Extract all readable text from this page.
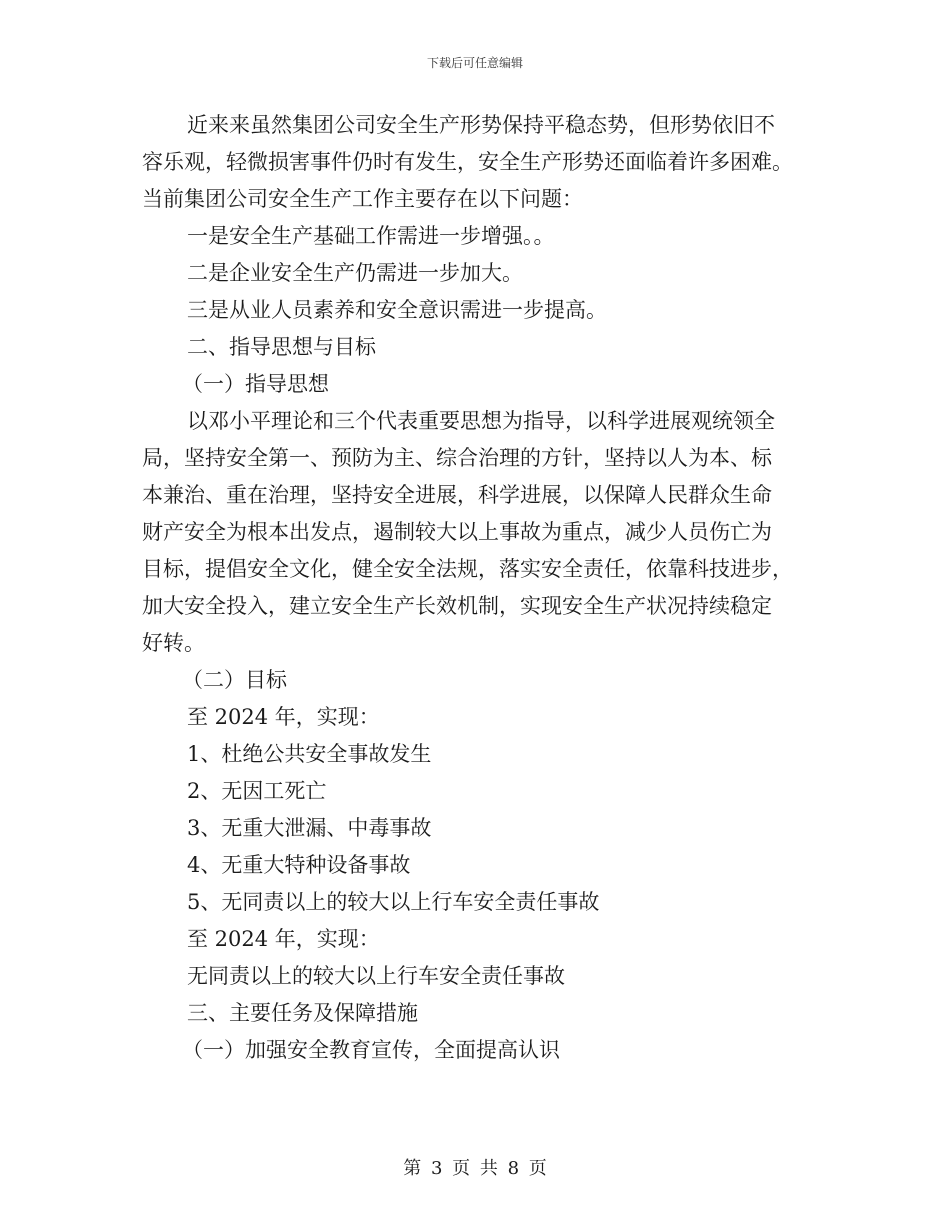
下载后可任意编辑
近来来虽然集团公司安全生产形势保持平稳态势，但形势依旧不
容乐观，轻微损害事件仍时有发生，安全生产形势还面临着许多困难。
当前集团公司安全生产工作主要存在以下问题：
一是安全生产基础工作需进一步增强。。
二是企业安全生产仍需进一步加大。
三是从业人员素养和安全意识需进一步提高。
二、指导思想与目标
（一）指导思想
以邓小平理论和三个代表重要思想为指导，以科学进展观统领全
局，坚持安全第一、预防为主、综合治理的方针，坚持以人为本、标
本兼治、重在治理，坚持安全进展，科学进展，以保障人民群众生命
财产安全为根本出发点，遏制较大以上事故为重点，减少人员伤亡为
目标，提倡安全文化，健全安全法规，落实安全责任，依靠科技进步，
加大安全投入，建立安全生产长效机制，实现安全生产状况持续稳定
好转。
（二）目标
至 2024 年，实现：
1、杜绝公共安全事故发生
2、无因工死亡
3、无重大泄漏、中毒事故
4、无重大特种设备事故
5、无同责以上的较大以上行车安全责任事故
至 2024 年，实现：
无同责以上的较大以上行车安全责任事故
三、主要任务及保障措施
（一）加强安全教育宣传，全面提高认识
第 3 页 共 8 页
